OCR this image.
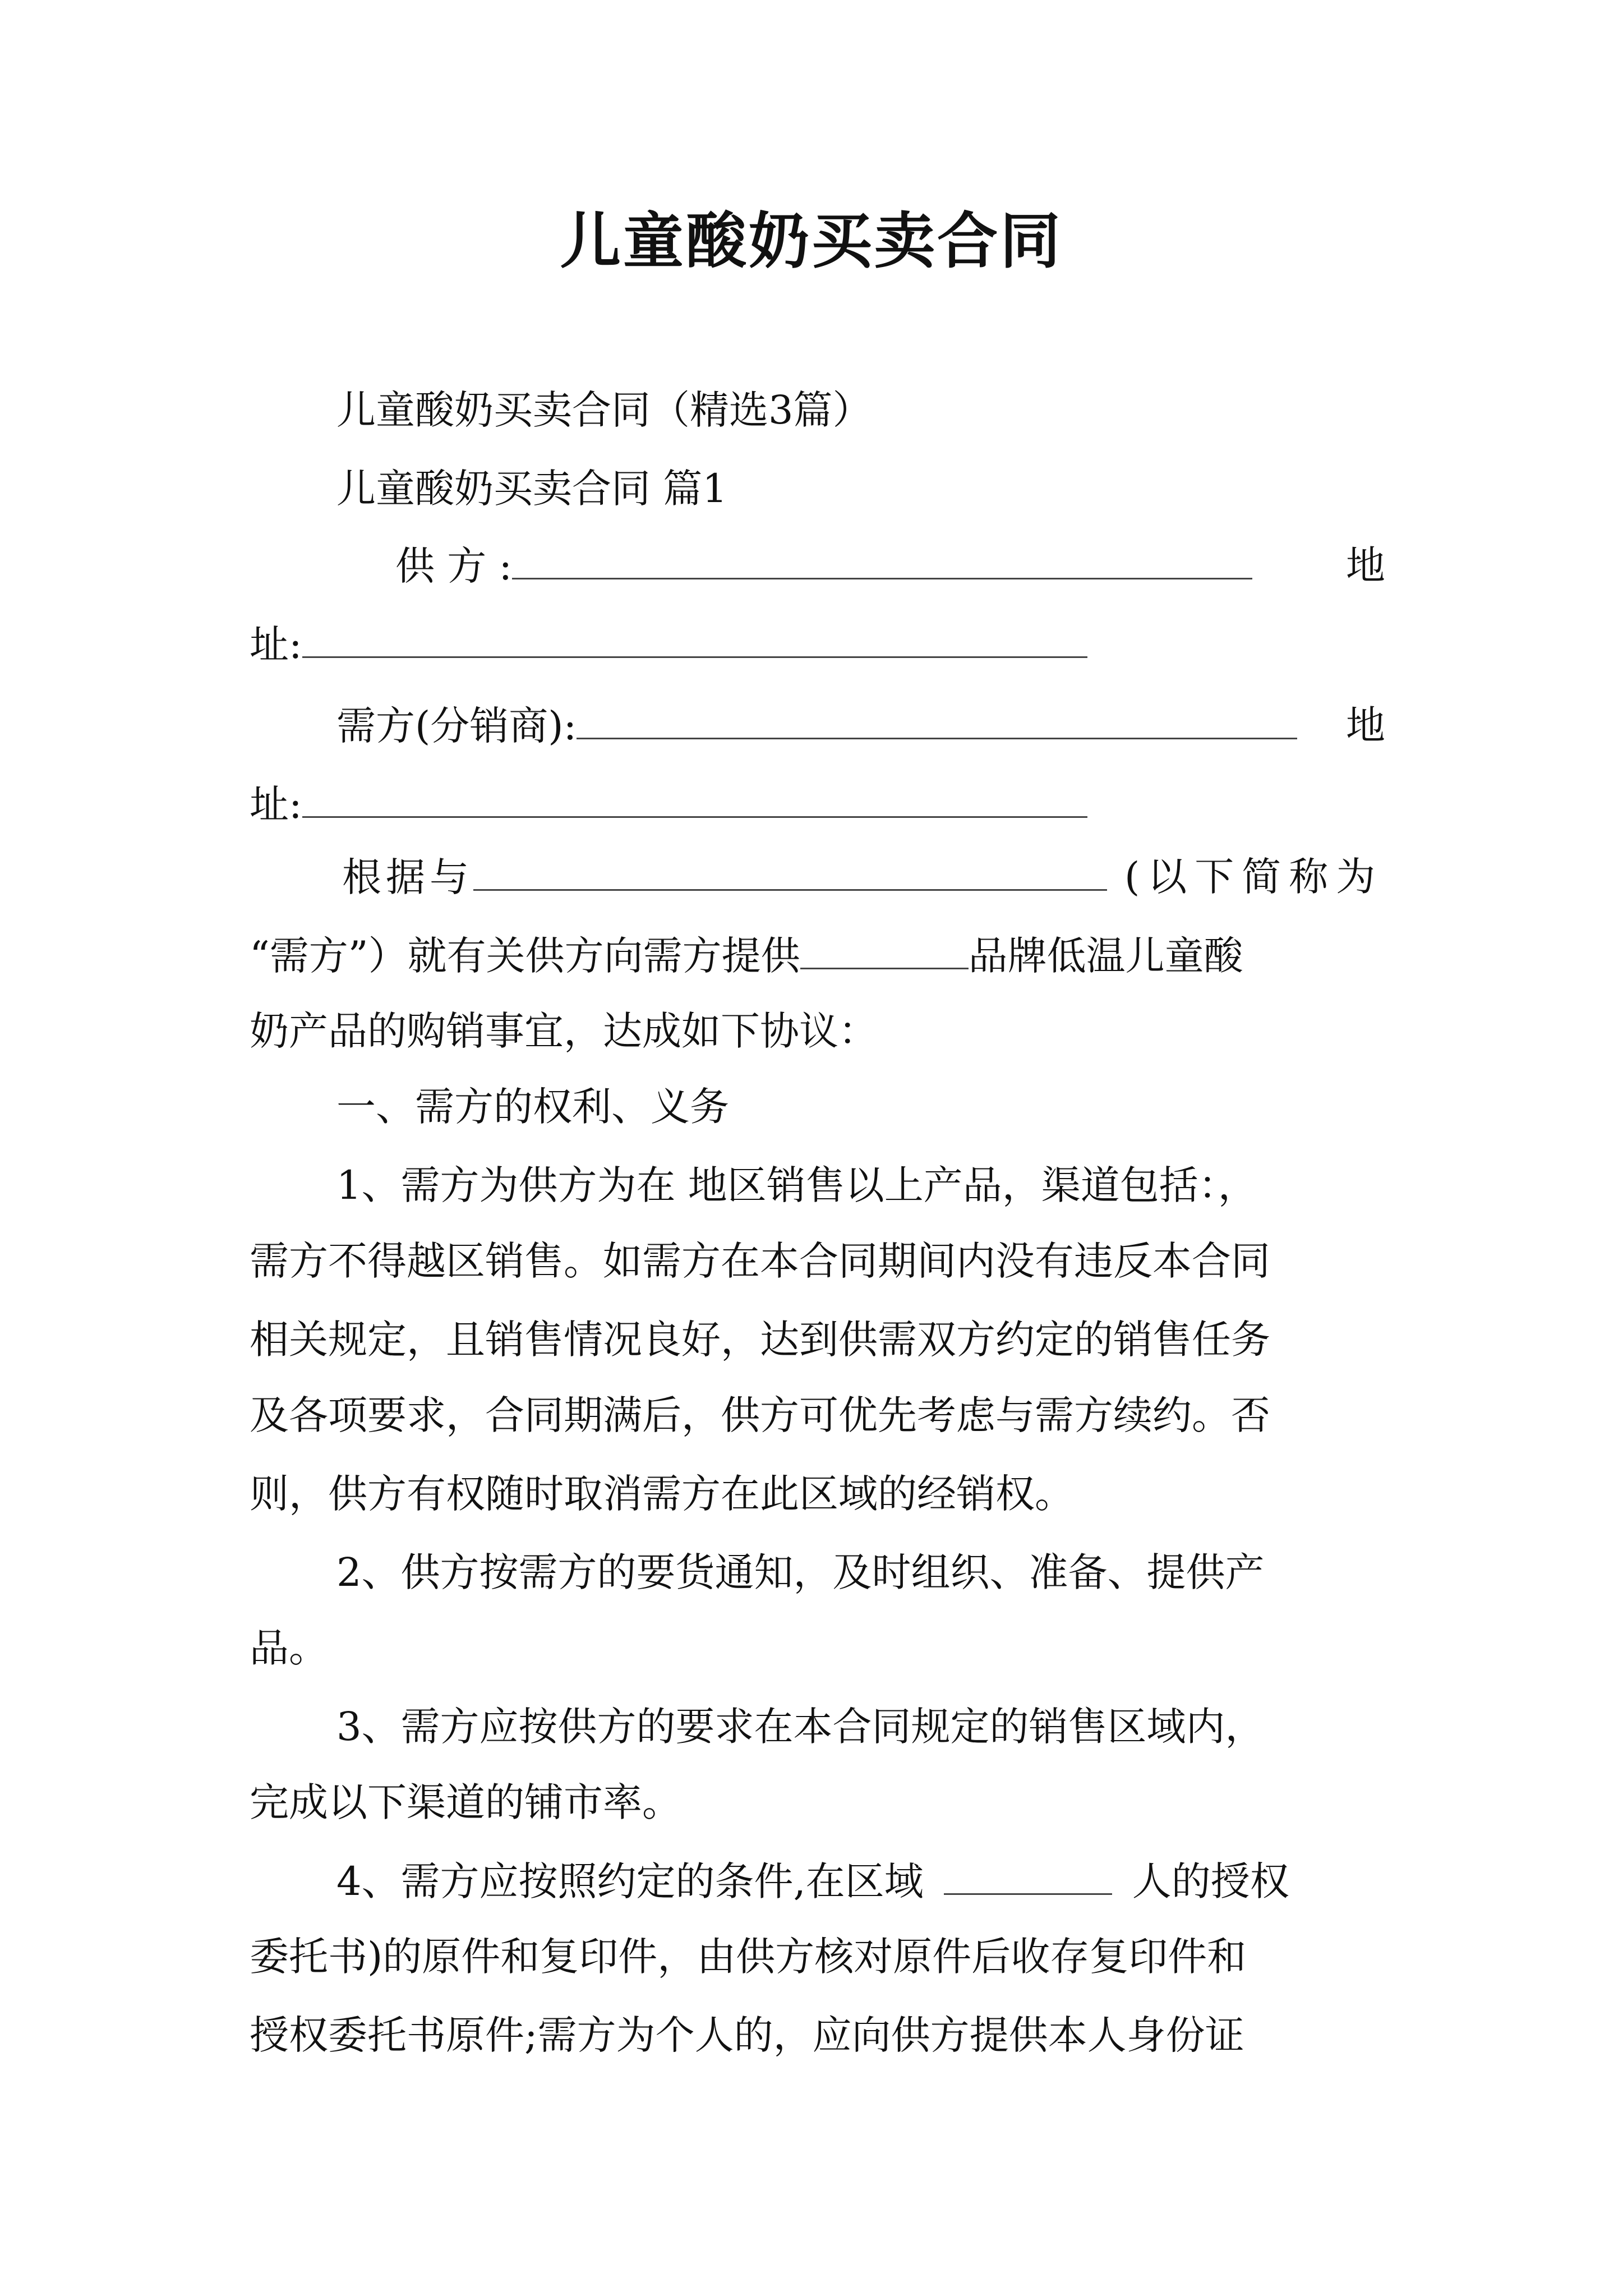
儿童酸奶买卖合同
儿童酸奶买卖合同（精选3篇）
儿童酸奶买卖合同 篇1
供 方 :	地
址:
需方(分销商):	地
址:
根据与	(以下简称为
“需方”）就有关供方向需方提供	品牌低温儿童酸
奶产品的购销事宜，达成如下协议：
一、需方的权利、义务
1、需方为供方为在 地区销售以上产品，渠道包括：，
需方不得越区销售。如需方在本合同期间内没有违反本合同
相关规定，且销售情况良好，达到供需双方约定的销售任务
及各项要求，合同期满后，供方可优先考虑与需方续约。否
则，供方有权随时取消需方在此区域的经销权。
2、供方按需方的要货通知，及时组织、准备、提供产
品。
3、需方应按供方的要求在本合同规定的销售区域内，
完成以下渠道的铺市率。
4、需方应按照约定的条件,在区域	人的授权
委托书)的原件和复印件，由供方核对原件后收存复印件和
授权委托书原件;需方为个人的，应向供方提供本人身份证
